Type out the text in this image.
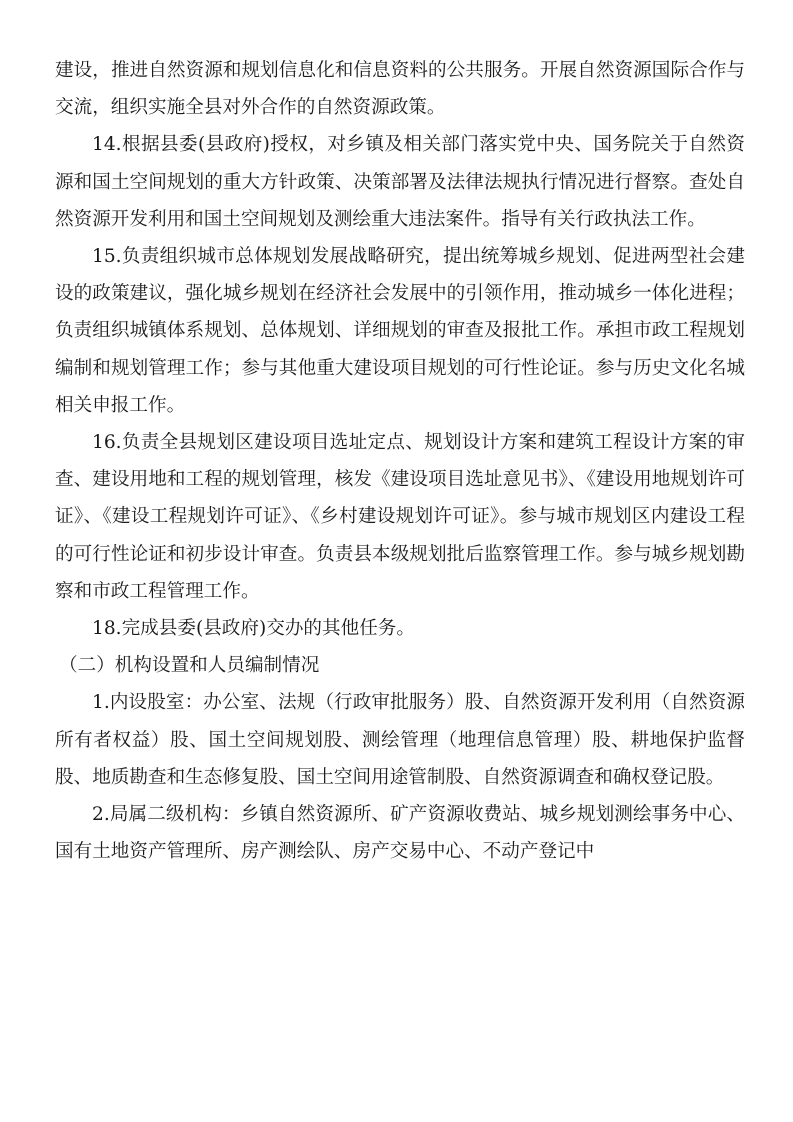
建设，推进自然资源和规划信息化和信息资料的公共服务。开展自然资源国际合作与交流，组织实施全县对外合作的自然资源政策。

14.根据县委(县政府)授权，对乡镇及相关部门落实党中央、国务院关于自然资源和国土空间规划的重大方针政策、决策部署及法律法规执行情况进行督察。查处自然资源开发利用和国土空间规划及测绘重大违法案件。指导有关行政执法工作。

15.负责组织城市总体规划发展战略研究，提出统筹城乡规划、促进两型社会建设的政策建议，强化城乡规划在经济社会发展中的引领作用，推动城乡一体化进程；负责组织城镇体系规划、总体规划、详细规划的审查及报批工作。承担市政工程规划编制和规划管理工作；参与其他重大建设项目规划的可行性论证。参与历史文化名城相关申报工作。

16.负责全县规划区建设项目选址定点、规划设计方案和建筑工程设计方案的审查、建设用地和工程的规划管理，核发《建设项目选址意见书》、《建设用地规划许可证》、《建设工程规划许可证》、《乡村建设规划许可证》。参与城市规划区内建设工程的可行性论证和初步设计审查。负责县本级规划批后监察管理工作。参与城乡规划勘察和市政工程管理工作。

18.完成县委(县政府)交办的其他任务。

（二）机构设置和人员编制情况

1.内设股室：办公室、法规（行政审批服务）股、自然资源开发利用（自然资源所有者权益）股、国土空间规划股、测绘管理（地理信息管理）股、耕地保护监督股、地质勘查和生态修复股、国土空间用途管制股、自然资源调查和确权登记股。

2.局属二级机构：乡镇自然资源所、矿产资源收费站、城乡规划测绘事务中心、国有土地资产管理所、房产测绘队、房产交易中心、不动产登记中
